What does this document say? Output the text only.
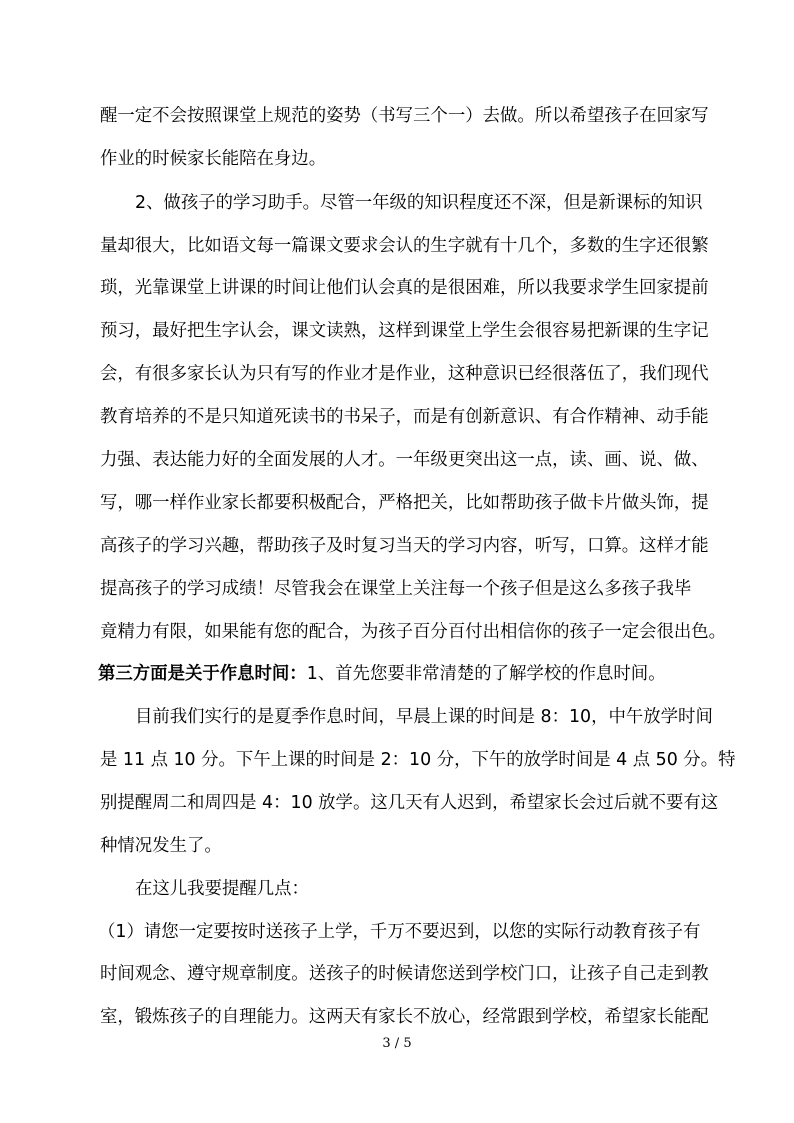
醒一定不会按照课堂上规范的姿势（书写三个一）去做。所以希望孩子在回家写
作业的时候家长能陪在身边。
2、做孩子的学习助手。尽管一年级的知识程度还不深，但是新课标的知识
量却很大，比如语文每一篇课文要求会认的生字就有十几个，多数的生字还很繁
琐，光靠课堂上讲课的时间让他们认会真的是很困难，所以我要求学生回家提前
预习，最好把生字认会，课文读熟，这样到课堂上学生会很容易把新课的生字记
会，有很多家长认为只有写的作业才是作业，这种意识已经很落伍了，我们现代
教育培养的不是只知道死读书的书呆子，而是有创新意识、有合作精神、动手能
力强、表达能力好的全面发展的人才。一年级更突出这一点，读、画、说、做、
写，哪一样作业家长都要积极配合，严格把关，比如帮助孩子做卡片做头饰，提
高孩子的学习兴趣，帮助孩子及时复习当天的学习内容，听写，口算。这样才能
提高孩子的学习成绩！尽管我会在课堂上关注每一个孩子但是这么多孩子我毕
竟精力有限，如果能有您的配合，为孩子百分百付出相信你的孩子一定会很出色。
第三方面是关于作息时间：1、首先您要非常清楚的了解学校的作息时间。
目前我们实行的是夏季作息时间，早晨上课的时间是 8：10，中午放学时间
是 11 点 10 分。下午上课的时间是 2：10 分，下午的放学时间是 4 点 50 分。特
别提醒周二和周四是 4：10 放学。这几天有人迟到，希望家长会过后就不要有这
种情况发生了。
在这儿我要提醒几点：
（1）请您一定要按时送孩子上学，千万不要迟到，以您的实际行动教育孩子有
时间观念、遵守规章制度。送孩子的时候请您送到学校门口，让孩子自己走到教
室，锻炼孩子的自理能力。这两天有家长不放心，经常跟到学校，希望家长能配
3 / 5
